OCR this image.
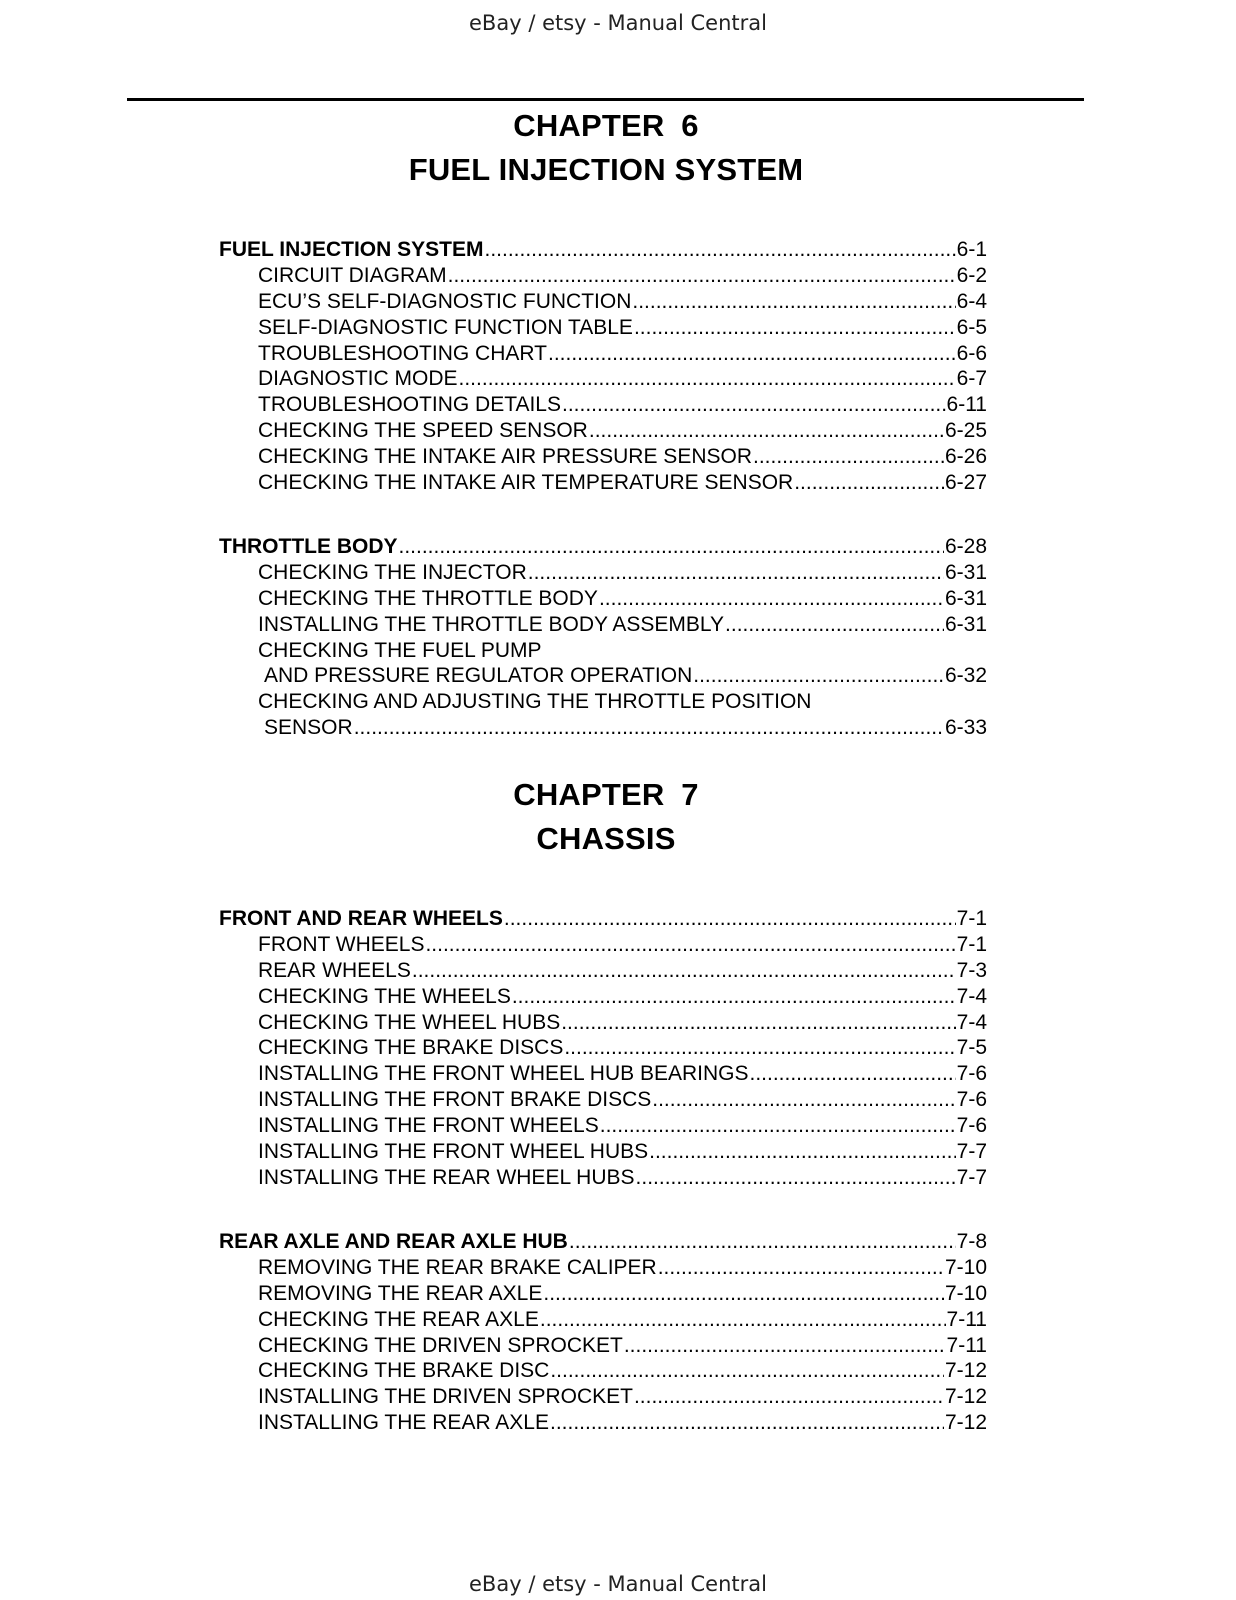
eBay / etsy - Manual Central
CHAPTER 6
FUEL INJECTION SYSTEM
FUEL INJECTION SYSTEM .....	6-1
CIRCUIT DIAGRAM .....	6-2
ECU’S SELF-DIAGNOSTIC FUNCTION .....	6-4
SELF-DIAGNOSTIC FUNCTION TABLE .....	6-5
TROUBLESHOOTING CHART .....	6-6
DIAGNOSTIC MODE .....	6-7
TROUBLESHOOTING DETAILS .....	6-11
CHECKING THE SPEED SENSOR .....	6-25
CHECKING THE INTAKE AIR PRESSURE SENSOR .....	6-26
CHECKING THE INTAKE AIR TEMPERATURE SENSOR .....	6-27
THROTTLE BODY .....	6-28
CHECKING THE INJECTOR .....	6-31
CHECKING THE THROTTLE BODY .....	6-31
INSTALLING THE THROTTLE BODY ASSEMBLY .....	6-31
CHECKING THE FUEL PUMP
AND PRESSURE REGULATOR OPERATION .....	6-32
CHECKING AND ADJUSTING THE THROTTLE POSITION
SENSOR .....	6-33
CHAPTER 7
CHASSIS
FRONT AND REAR WHEELS .....	7-1
FRONT WHEELS .....	7-1
REAR WHEELS .....	7-3
CHECKING THE WHEELS .....	7-4
CHECKING THE WHEEL HUBS .....	7-4
CHECKING THE BRAKE DISCS .....	7-5
INSTALLING THE FRONT WHEEL HUB BEARINGS .....	7-6
INSTALLING THE FRONT BRAKE DISCS .....	7-6
INSTALLING THE FRONT WHEELS .....	7-6
INSTALLING THE FRONT WHEEL HUBS .....	7-7
INSTALLING THE REAR WHEEL HUBS .....	7-7
REAR AXLE AND REAR AXLE HUB .....	7-8
REMOVING THE REAR BRAKE CALIPER .....	7-10
REMOVING THE REAR AXLE .....	7-10
CHECKING THE REAR AXLE .....	7-11
CHECKING THE DRIVEN SPROCKET .....	7-11
CHECKING THE BRAKE DISC .....	7-12
INSTALLING THE DRIVEN SPROCKET .....	7-12
INSTALLING THE REAR AXLE .....	7-12
eBay / etsy - Manual Central
